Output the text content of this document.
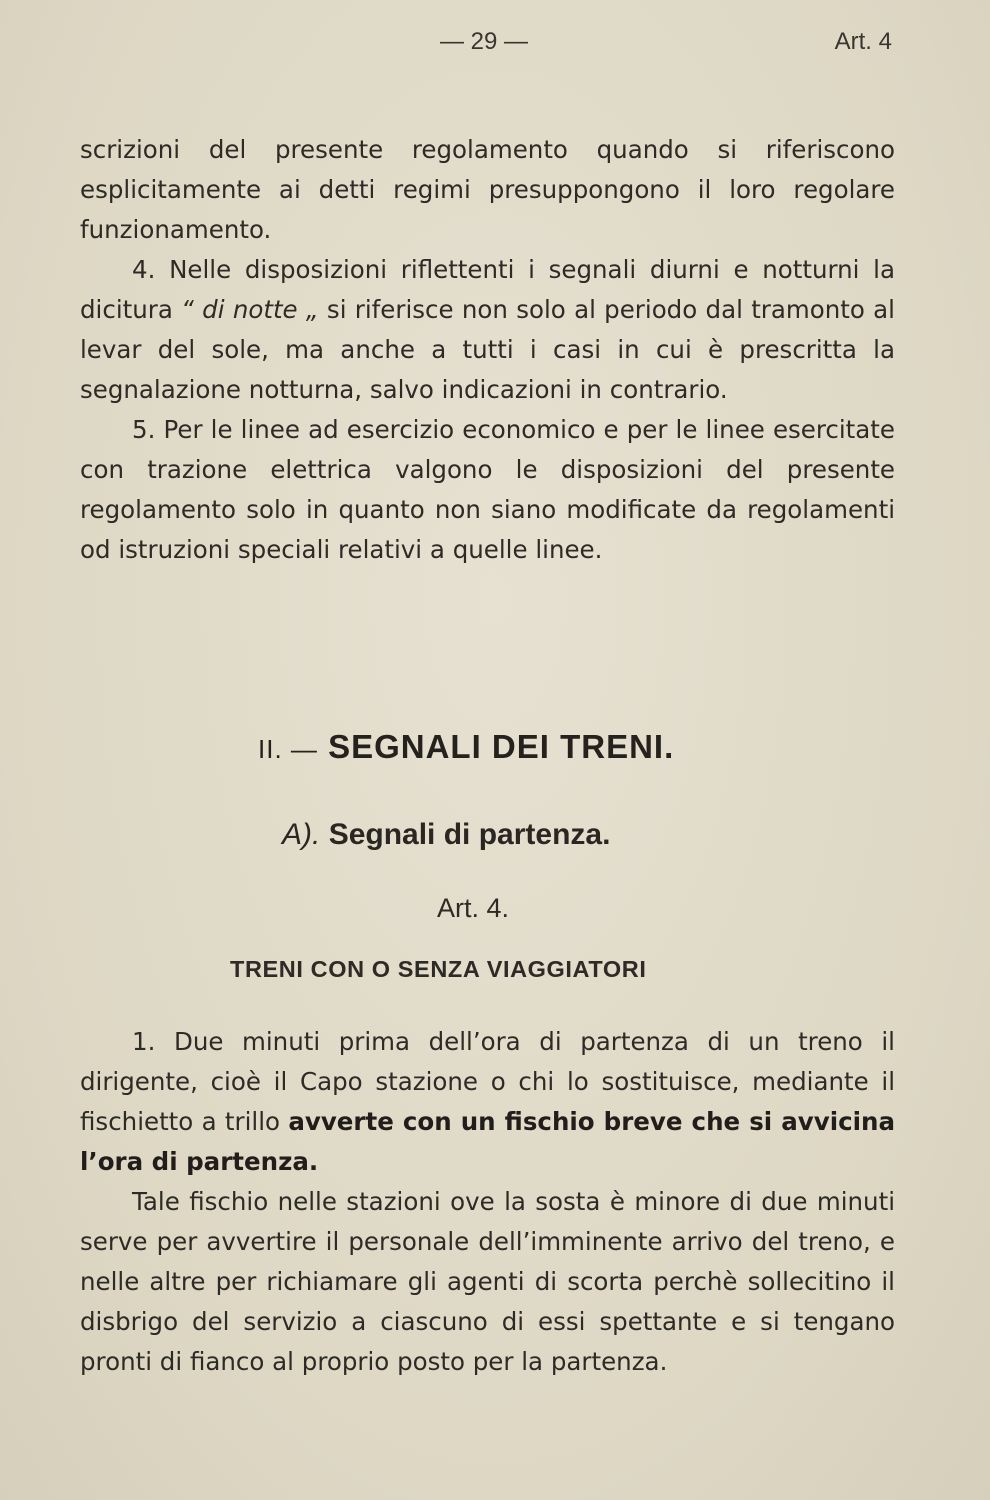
— 29 —	Art. 4

scrizioni del presente regolamento quando si riferiscono esplicitamente ai detti regimi presuppongono il loro regolare funzionamento.

4. Nelle disposizioni riflettenti i segnali diurni e notturni la dicitura “ di notte „ si riferisce non solo al periodo dal tramonto al levar del sole, ma anche a tutti i casi in cui è prescritta la segnalazione notturna, salvo indicazioni in contrario.

5. Per le linee ad esercizio economico e per le linee esercitate con trazione elettrica valgono le disposizioni del presente regolamento solo in quanto non siano modificate da regolamenti od istruzioni speciali relativi a quelle linee.

II. — SEGNALI DEI TRENI.
A). Segnali di partenza.
Art. 4.
TRENI CON O SENZA VIAGGIATORI

1. Due minuti prima dell’ora di partenza di un treno il dirigente, cioè il Capo stazione o chi lo sostituisce, mediante il fischietto a trillo avverte con un fischio breve che si avvicina l’ora di partenza.

Tale fischio nelle stazioni ove la sosta è minore di due minuti serve per avvertire il personale dell’imminente arrivo del treno, e nelle altre per richiamare gli agenti di scorta perchè sollecitino il disbrigo del servizio a ciascuno di essi spettante e si tengano pronti di fianco al proprio posto per la partenza.
